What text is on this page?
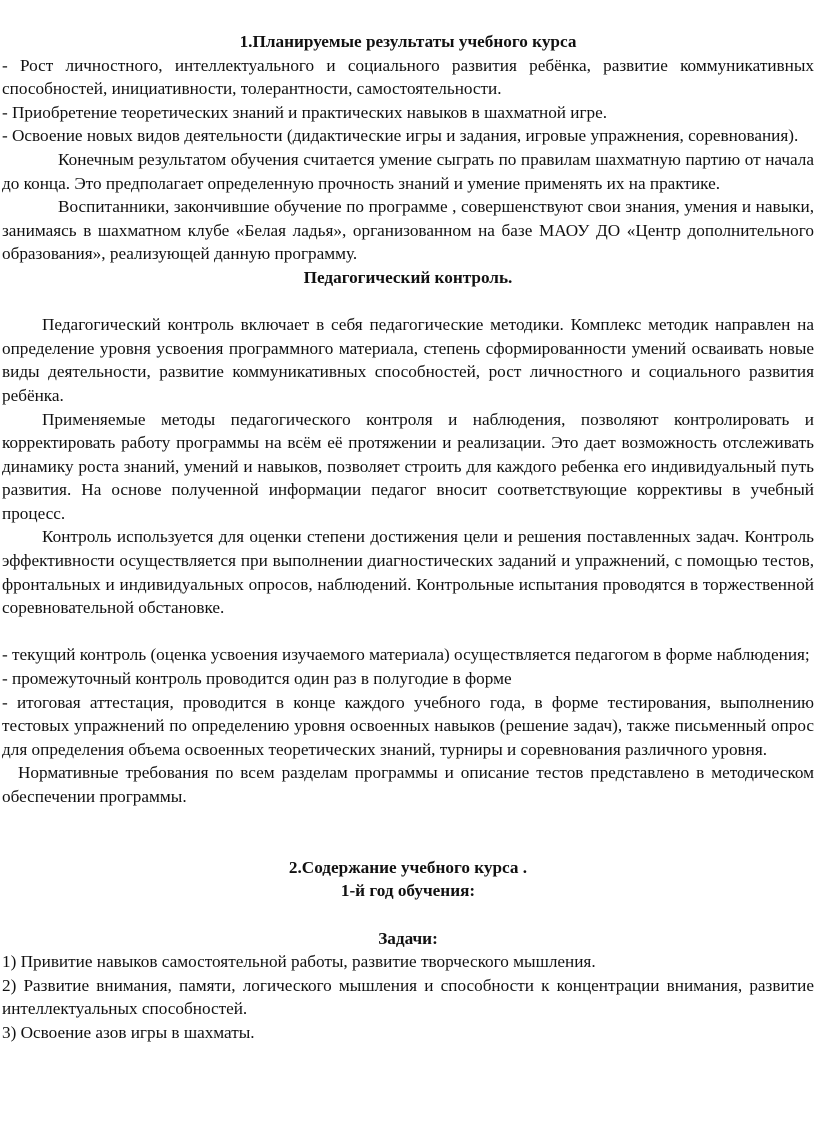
1.Планируемые результаты учебного курса

- Рост личностного, интеллектуального и социального развития ребёнка, развитие коммуникативных способностей, инициативности, толерантности, самостоятельности.

- Приобретение теоретических знаний и практических навыков в шахматной игре.

- Освоение новых видов деятельности (дидактические игры и задания, игровые упражнения, соревнования).

Конечным результатом обучения считается умение сыграть по правилам шахматную партию от начала до конца. Это предполагает определенную прочность знаний и умение применять их на практике.

Воспитанники, закончившие обучение по программе , совершенствуют свои знания, умения и навыки, занимаясь в шахматном клубе «Белая ладья», организованном на базе МАОУ ДО «Центр дополнительного образования», реализующей данную программу.

Педагогический контроль.

Педагогический контроль включает в себя педагогические методики. Комплекс методик направлен на определение уровня усвоения программного материала, степень сформированности умений осваивать новые виды деятельности, развитие коммуникативных способностей, рост личностного и социального развития ребёнка.

Применяемые методы педагогического контроля и наблюдения, позволяют контролировать и корректировать работу программы на всём её протяжении и реализации. Это дает возможность отслеживать динамику роста знаний, умений и навыков, позволяет строить для каждого ребенка его индивидуальный путь развития. На основе полученной информации педагог вносит соответствующие коррективы в учебный процесс.

Контроль используется для оценки степени достижения цели и решения поставленных задач. Контроль эффективности осуществляется при выполнении диагностических заданий и упражнений, с помощью тестов, фронтальных и индивидуальных опросов, наблюдений. Контрольные испытания проводятся в торжественной соревновательной обстановке.

- текущий контроль (оценка усвоения изучаемого материала) осуществляется педагогом в форме наблюдения;

- промежуточный контроль проводится один раз в полугодие в форме

- итоговая аттестация, проводится в конце каждого учебного года, в форме тестирования, выполнению тестовых упражнений по определению уровня освоенных навыков (решение задач), также письменный опрос для определения объема освоенных теоретических знаний, турниры и соревнования различного уровня.

Нормативные требования по всем разделам программы и описание тестов представлено в методическом обеспечении программы.

2.Содержание учебного курса .

1-й год обучения:

Задачи:

1) Привитие навыков самостоятельной работы, развитие творческого мышления.

2) Развитие внимания, памяти, логического мышления и способности к концентрации внимания, развитие интеллектуальных способностей.

3) Освоение азов игры в шахматы.
